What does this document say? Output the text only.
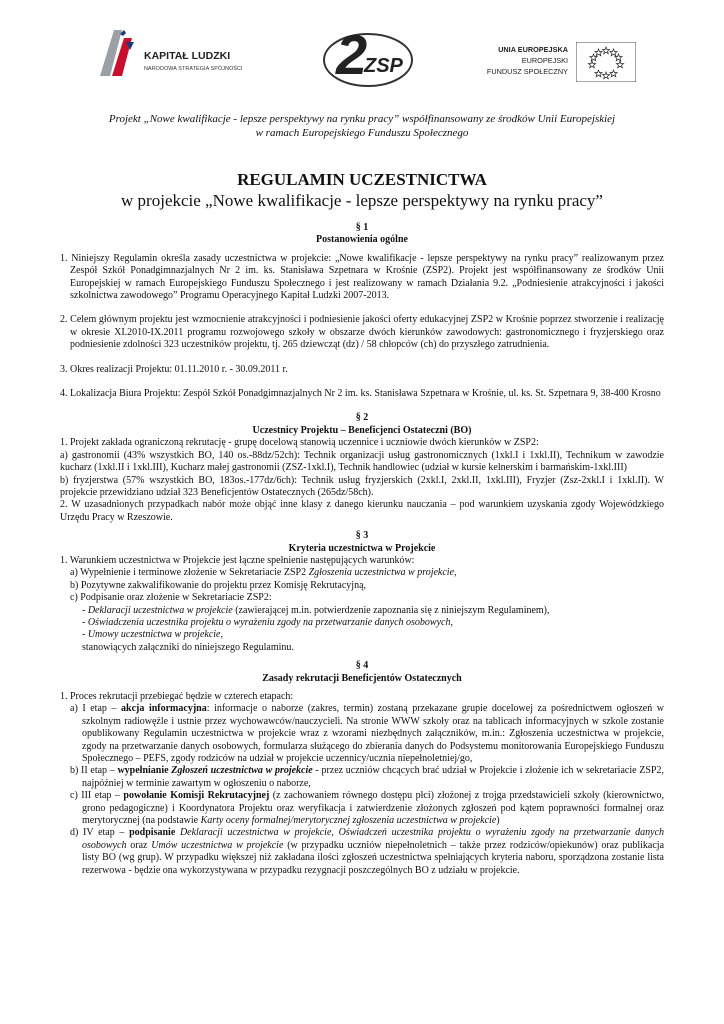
KAPITAŁ LUDZKI
NARODOWA STRATEGIA SPÓJNOŚCI 2
ZSP
UNIA EUROPEJSKA
EUROPEJSKI
FUNDUSZ SPOŁECZNY
Projekt „Nowe kwalifikacje - lepsze perspektywy na rynku pracy” współfinansowany ze środków Unii Europejskiej
w ramach Europejskiego Funduszu Społecznego
REGULAMIN UCZESTNICTWA
w projekcie „Nowe kwalifikacje - lepsze perspektywy na rynku pracy”

§ 1

Postanowienia ogólne

1. Niniejszy Regulamin określa zasady uczestnictwa w projekcie: „Nowe kwalifikacje - lepsze perspektywy na rynku pracy” realizowanym przez Zespół Szkół Ponadgimnazjalnych Nr 2 im. ks. Stanisława Szpetnara w Krośnie (ZSP2). Projekt jest współfinansowany ze środków Unii Europejskiej w ramach Europejskiego Funduszu Społecznego i jest realizowany w ramach Działania 9.2. „Podniesienie atrakcyjności i jakości szkolnictwa zawodowego” Programu Operacyjnego Kapitał Ludzki 2007-2013.

2. Celem głównym projektu jest wzmocnienie atrakcyjności i podniesienie jakości oferty edukacyjnej ZSP2 w Krośnie poprzez stworzenie i realizację w okresie XI.2010-IX.2011 programu rozwojowego szkoły w obszarze dwóch kierunków zawodowych: gastronomicznego i fryzjerskiego oraz podniesienie zdolności 323 uczestników projektu, tj. 265 dziewcząt (dz) / 58 chłopców (ch) do przyszłego zatrudnienia.

3. Okres realizacji Projektu: 01.11.2010 r. - 30.09.2011 r.

4. Lokalizacja Biura Projektu: Zespół Szkół Ponadgimnazjalnych Nr 2 im. ks. Stanisława Szpetnara w Krośnie, ul. ks. St. Szpetnara 9, 38-400 Krosno

§ 2

Uczestnicy Projektu – Beneficjenci Ostateczni (BO)

1. Projekt zakłada ograniczoną rekrutację - grupę docelową stanowią uczennice i uczniowie dwóch kierunków w ZSP2:

a) gastronomii (43% wszystkich BO, 140 os.-88dz/52ch): Technik organizacji usług gastronomicznych (1xkl.I i 1xkl.II), Technikum w zawodzie kucharz (1xkl.II i 1xkl.III), Kucharz małej gastronomii (ZSZ-1xkl.I), Technik handlowiec (udział w kursie kelnerskim i barmańskim-1xkl.III)

b) fryzjerstwa (57% wszystkich BO, 183os.-177dz/6ch): Technik usług fryzjerskich (2xkl.I, 2xkl.II, 1xkl.III), Fryzjer (Zsz-2xkl.I i 1xkl.II). W projekcie przewidziano udział 323 Beneficjentów Ostatecznych (265dz/58ch).

2. W uzasadnionych przypadkach nabór może objąć inne klasy z danego kierunku nauczania – pod warunkiem uzyskania zgody Wojewódzkiego Urzędu Pracy w Rzeszowie.

§ 3

Kryteria uczestnictwa w Projekcie

1. Warunkiem uczestnictwa w Projekcie jest łączne spełnienie następujących warunków:

a) Wypełnienie i terminowe złożenie w Sekretariacie ZSP2 Zgłoszenia uczestnictwa w projekcie,

b) Pozytywne zakwalifikowanie do projektu przez Komisję Rekrutacyjną,

c) Podpisanie oraz złożenie w Sekretariacie ZSP2:

- Deklaracji uczestnictwa w projekcie (zawierającej m.in. potwierdzenie zapoznania się z niniejszym Regulaminem),

- Oświadczenia uczestnika projektu o wyrażeniu zgody na przetwarzanie danych osobowych,

- Umowy uczestnictwa w projekcie,

stanowiących załączniki do niniejszego Regulaminu.

§ 4

Zasady rekrutacji Beneficjentów Ostatecznych

1. Proces rekrutacji przebiegać będzie w czterech etapach:

a) I etap – akcja informacyjna: informacje o naborze (zakres, termin) zostaną przekazane grupie docelowej za pośrednictwem ogłoszeń w szkolnym radiowęźle i ustnie przez wychowawców/nauczycieli. Na stronie WWW szkoły oraz na tablicach informacyjnych w szkole zostanie opublikowany Regulamin uczestnictwa w projekcie wraz z wzorami niezbędnych załączników, m.in.: Zgłoszenia uczestnictwa w projekcie, zgody na przetwarzanie danych osobowych, formularza służącego do zbierania danych do Podsystemu monitorowania Europejskiego Funduszu Społecznego – PEFS, zgody rodziców na udział w projekcie uczennicy/ucznia niepełnoletniej/go,

b) II etap – wypełnianie Zgłoszeń uczestnictwa w projekcie - przez uczniów chcących brać udział w Projekcie i złożenie ich w sekretariacie ZSP2, najpóźniej w terminie zawartym w ogłoszeniu o naborze,

c) III etap – powołanie Komisji Rekrutacyjnej (z zachowaniem równego dostępu płci) złożonej z trojga przedstawicieli szkoły (kierownictwo, grono pedagogiczne) i Koordynatora Projektu oraz weryfikacja i zatwierdzenie złożonych zgłoszeń pod kątem poprawności formalnej oraz merytorycznej (na podstawie Karty oceny formalnej/merytorycznej zgłoszenia uczestnictwa w projekcie)

d) IV etap – podpisanie Deklaracji uczestnictwa w projekcie, Oświadczeń uczestnika projektu o wyrażeniu zgody na przetwarzanie danych osobowych oraz Umów uczestnictwa w projekcie (w przypadku uczniów niepełnoletnich – także przez rodziców/opiekunów) oraz publikacja listy BO (wg grup). W przypadku większej niż zakładana ilości zgłoszeń uczestnictwa spełniających kryteria naboru, sporządzona zostanie lista rezerwowa - będzie ona wykorzystywana w przypadku rezygnacji poszczególnych BO z udziału w projekcie.
